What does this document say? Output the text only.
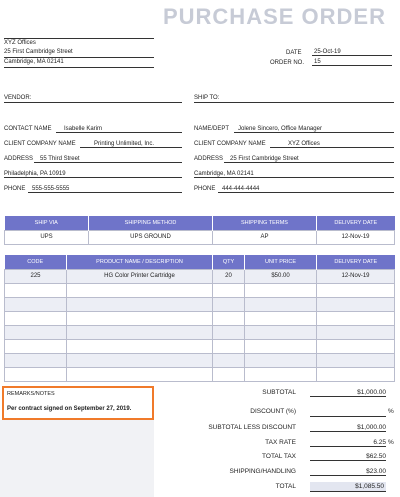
PURCHASE ORDER
XYZ Offices
25 First Cambridge Street
Cambridge, MA 02141
DATE	25-Oct-19
ORDER NO.	15
VENDOR:	SHIP TO:
CONTACT NAME	Isabelle Karim
CLIENT COMPANY NAME	Printing Unlimited, Inc.
ADDRESS	55 Third Street
Philadelphia, PA 10919
PHONE	555-555-5555
NAME/DEPT	Jolene Sincero, Office Manager
CLIENT COMPANY NAME	XYZ Offices
ADDRESS	25 First Cambridge Street
Cambridge, MA 02141
PHONE	444-444-4444
SHIP VIA	SHIPPING METHOD	SHIPPING TERMS	DELIVERY DATE
UPS	UPS GROUND	AP	12-Nov-19
CODE	PRODUCT NAME / DESCRIPTION	QTY	UNIT PRICE	DELIVERY DATE
225	HG Color Printer Cartridge	20	$50.00	12-Nov-19

REMARKS/NOTES
Per contract signed on September 27, 2019.
SUBTOTAL	$1,000.00
DISCOUNT (%)	%
SUBTOTAL LESS DISCOUNT	$1,000.00
TAX RATE	6.25 %
TOTAL TAX	$62.50
SHIPPING/HANDLING	$23.00
TOTAL	$1,085.50
